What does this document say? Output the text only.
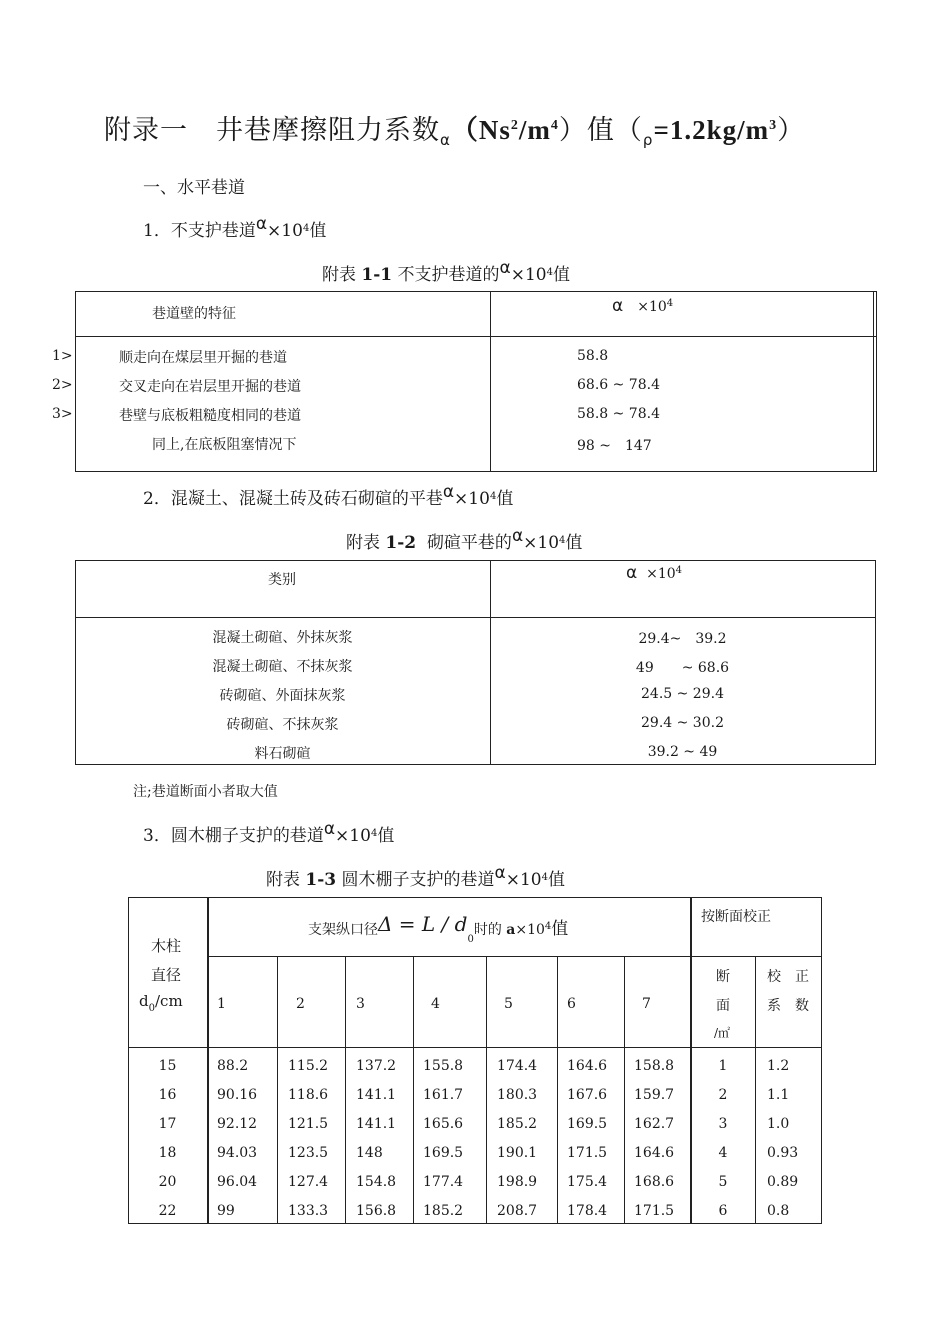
附录一　井巷摩擦阻力系数$_\alpha(Ns^2/m^4)$值$(_\rho=1.2kg/m^3)$
一、水平巷道
1．不支护巷道$\alpha\times 10^4$值
附表 1-1 不支护巷道的$\alpha\times 10^4$值
巷道壁的特征	α　 $\times 10^4$
1>	顺走向在煤层里开掘的巷道	58.8
2>	交叉走向在岩层里开掘的巷道	68.6 ~ 78.4
3>	巷壁与底板粗糙度相同的巷道	58.8 ~ 78.4
同上,在底板阻塞情况下	98 ~　147
2．混凝土、混凝土砖及砖石砌碹的平巷$\alpha\times 10^4$值
附表 1-2 砌碹平巷的$\alpha\times 10^4$值
类别	$\alpha \times 10^4$
混凝土砌碹、外抹灰浆	29.4~　39.2
混凝土砌碹、不抹灰浆	49　　~ 68.6
砖砌碹、外面抹灰浆	24.5 ~ 29.4
砖砌碹、不抹灰浆	29.4 ~ 30.2
料石砌碹	39.2 ~ 49
注;巷道断面小者取大值
3．圆木棚子支护的巷道$\alpha\times 10^4$值
附表 1-3 圆木棚子支护的巷道$\alpha\times 10^4$值
木柱
直径
$d_0/cm$
支架纵口径$\Delta = L / d_0$时的 $a\times 10^4$值
按断面校正
断
面
/㎡
校　正
系　数
1	2	3	4	5	6	7
15	88.2	115.2 137.2 155.8 174.4 164.6 158.8	1	1.2
16	90.16 118.6 141.1 161.7 180.3 167.6 159.7	2	1.1
17	92.12 121.5 141.1 165.6 185.2 169.5 162.7	3	1.0
18	94.03 123.5 148	169.5 190.1 171.5 164.6	4	0.93
20	96.04 127.4 154.8 177.4 198.9 175.4 168.6	5	0.89
22	99	133.3 156.8 185.2 208.7 178.4 171.5	6	0.8
